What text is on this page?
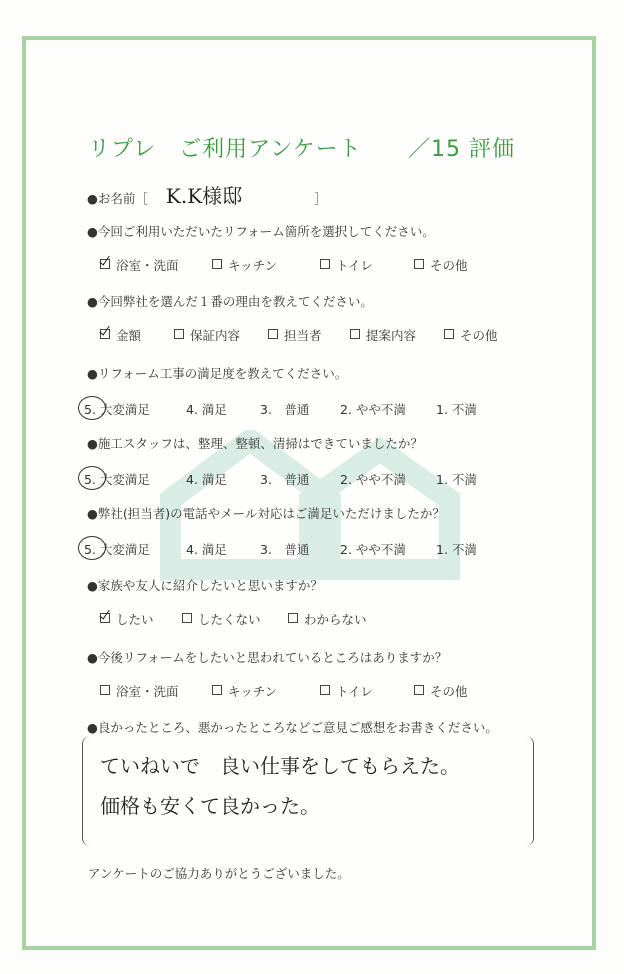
リプレ　ご利用アンケート ／15 評価
●お名前［ K.K様邸	］
●今回ご利用いただいたリフォーム箇所を選択してください。
浴室・洗面	キッチン	トイレ	その他
●今回弊社を選んだ１番の理由を教えてください。
金額	保証内容	担当者	提案内容	その他
●リフォーム工事の満足度を教えてください。
5. 大変満足	4. 満足	3.　普通 2. やや不満 1. 不満
●施工スタッフは、整理、整頓、清掃はできていましたか？
5. 大変満足	4. 満足	3.　普通 2. やや不満 1. 不満
●弊社(担当者)の電話やメール対応はご満足いただけましたか？
5. 大変満足	4. 満足	3.　普通 2. やや不満 1. 不満
●家族や友人に紹介したいと思いますか？
したい	したくない	わからない
●今後リフォームをしたいと思われているところはありますか？
浴室・洗面	キッチン	トイレ	その他
●良かったところ、悪かったところなどご意見ご感想をお書きください。
ていねいで　良い仕事をしてもらえた。
価格も安くて良かった。
アンケートのご協力ありがとうございました。
